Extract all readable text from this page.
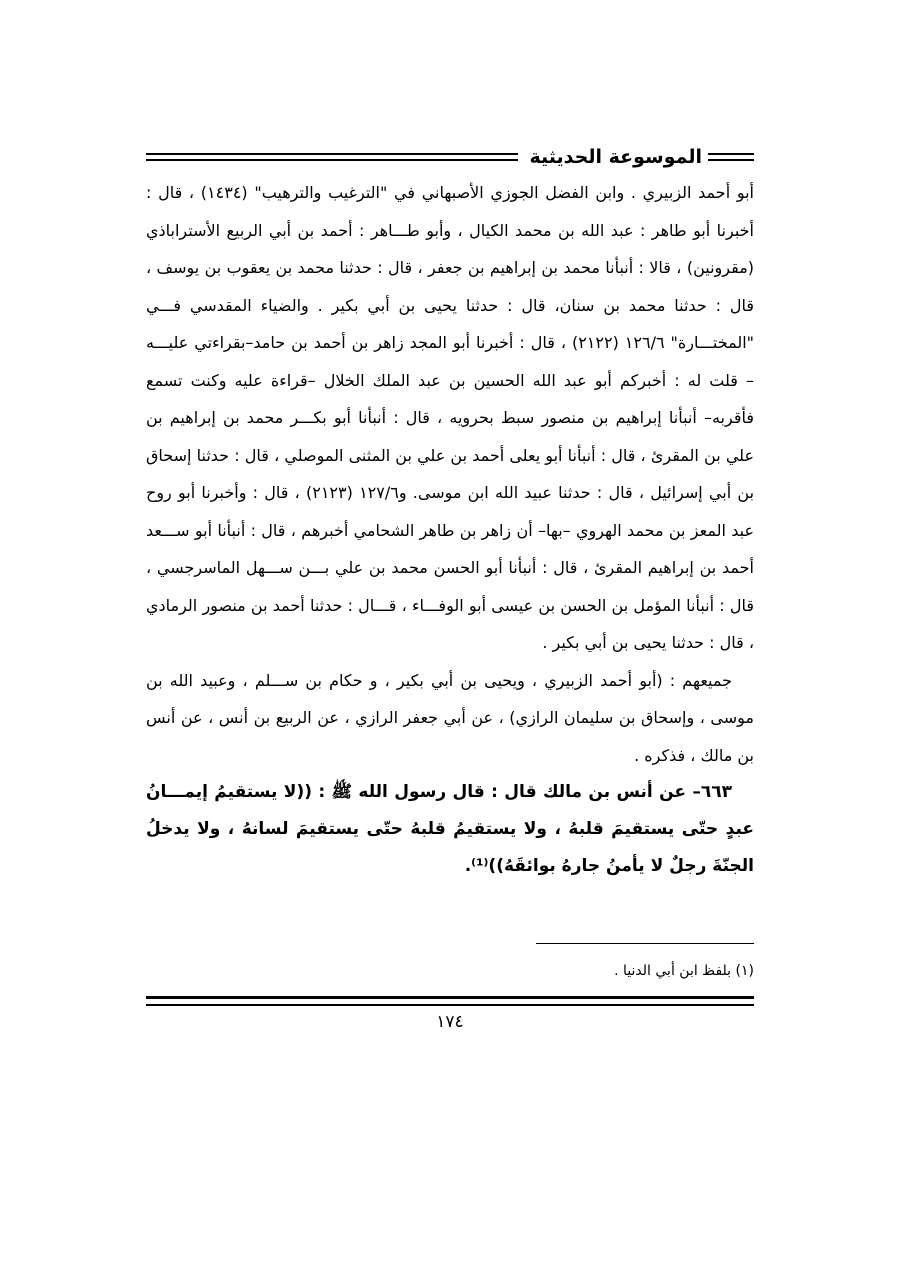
الموسوعة الحديثية

أبو أحمد الزبيري . وابن الفضل الجوزي الأصبهاني في "الترغيب والترهيب" (١٤٣٤) ، قال : أخبرنا أبو طاهر : عبد الله بن محمد الكيال ، وأبو طـــاهر : أحمد بن أبي الربيع الأستراباذي (مقرونين) ، قالا : أنبأنا محمد بن إبراهيم بن جعفر ، قال : حدثنا محمد بن يعقوب بن يوسف ، قال : حدثنا محمد بن سنان، قال : حدثنا يحيى بن أبي بكير . والضياء المقدسي فـــي "المختـــارة" ١٢٦/٦ (٢١٢٢) ، قال : أخبرنا أبو المجد زاهر بن أحمد بن حامد–بقراءتي عليـــه – قلت له : أخبركم أبو عبد الله الحسين بن عبد الملك الخلال –قراءة عليه وكنت تسمع فأقربه– أنبأنا إبراهيم بن منصور سبط بحرويه ، قال : أنبأنا أبو بكـــر محمد بن إبراهيم بن علي بن المقرئ ، قال : أنبأنا أبو يعلى أحمد بن علي بن المثنى الموصلي ، قال : حدثنا إسحاق بن أبي إسرائيل ، قال : حدثنا عبيد الله ابن موسى. و١٢٧/٦ (٢١٢٣) ، قال : وأخبرنا أبو روح عبد المعز بن محمد الهروي –بها– أن زاهر بن طاهر الشحامي أخبرهم ، قال : أنبأنا أبو ســـعد أحمد بن إبراهيم المقرئ ، قال : أنبأنا أبو الحسن محمد بن علي بـــن ســـهل الماسرجسي ، قال : أنبأنا المؤمل بن الحسن بن عيسى أبو الوفـــاء ، قـــال : حدثنا أحمد بن منصور الرمادي ، قال : حدثنا يحيى بن أبي بكير .

جميعهم : (أبو أحمد الزبيري ، ويحيى بن أبي بكير ، و حكام بن ســـلم ، وعبيد الله بن موسى ، وإسحاق بن سليمان الرازي) ، عن أبي جعفر الرازي ، عن الربيع بن أنس ، عن أنس بن مالك ، فذكره .

٦٦٣– عن أنس بن مالك قال : قال رسول الله ﷺ : ((لا يستقيمُ إيمـــانُ عبدٍ حتّى يستقيمَ قلبهُ ، ولا يستقيمُ قلبهُ حتّى يستقيمَ لسانهُ ، ولا يدخلُ الجنّةَ رجلٌ لا يأمنُ جارهُ بوائقَهُ))⁽¹⁾.

(١) بلفظ ابن أبي الدنيا .
١٧٤
